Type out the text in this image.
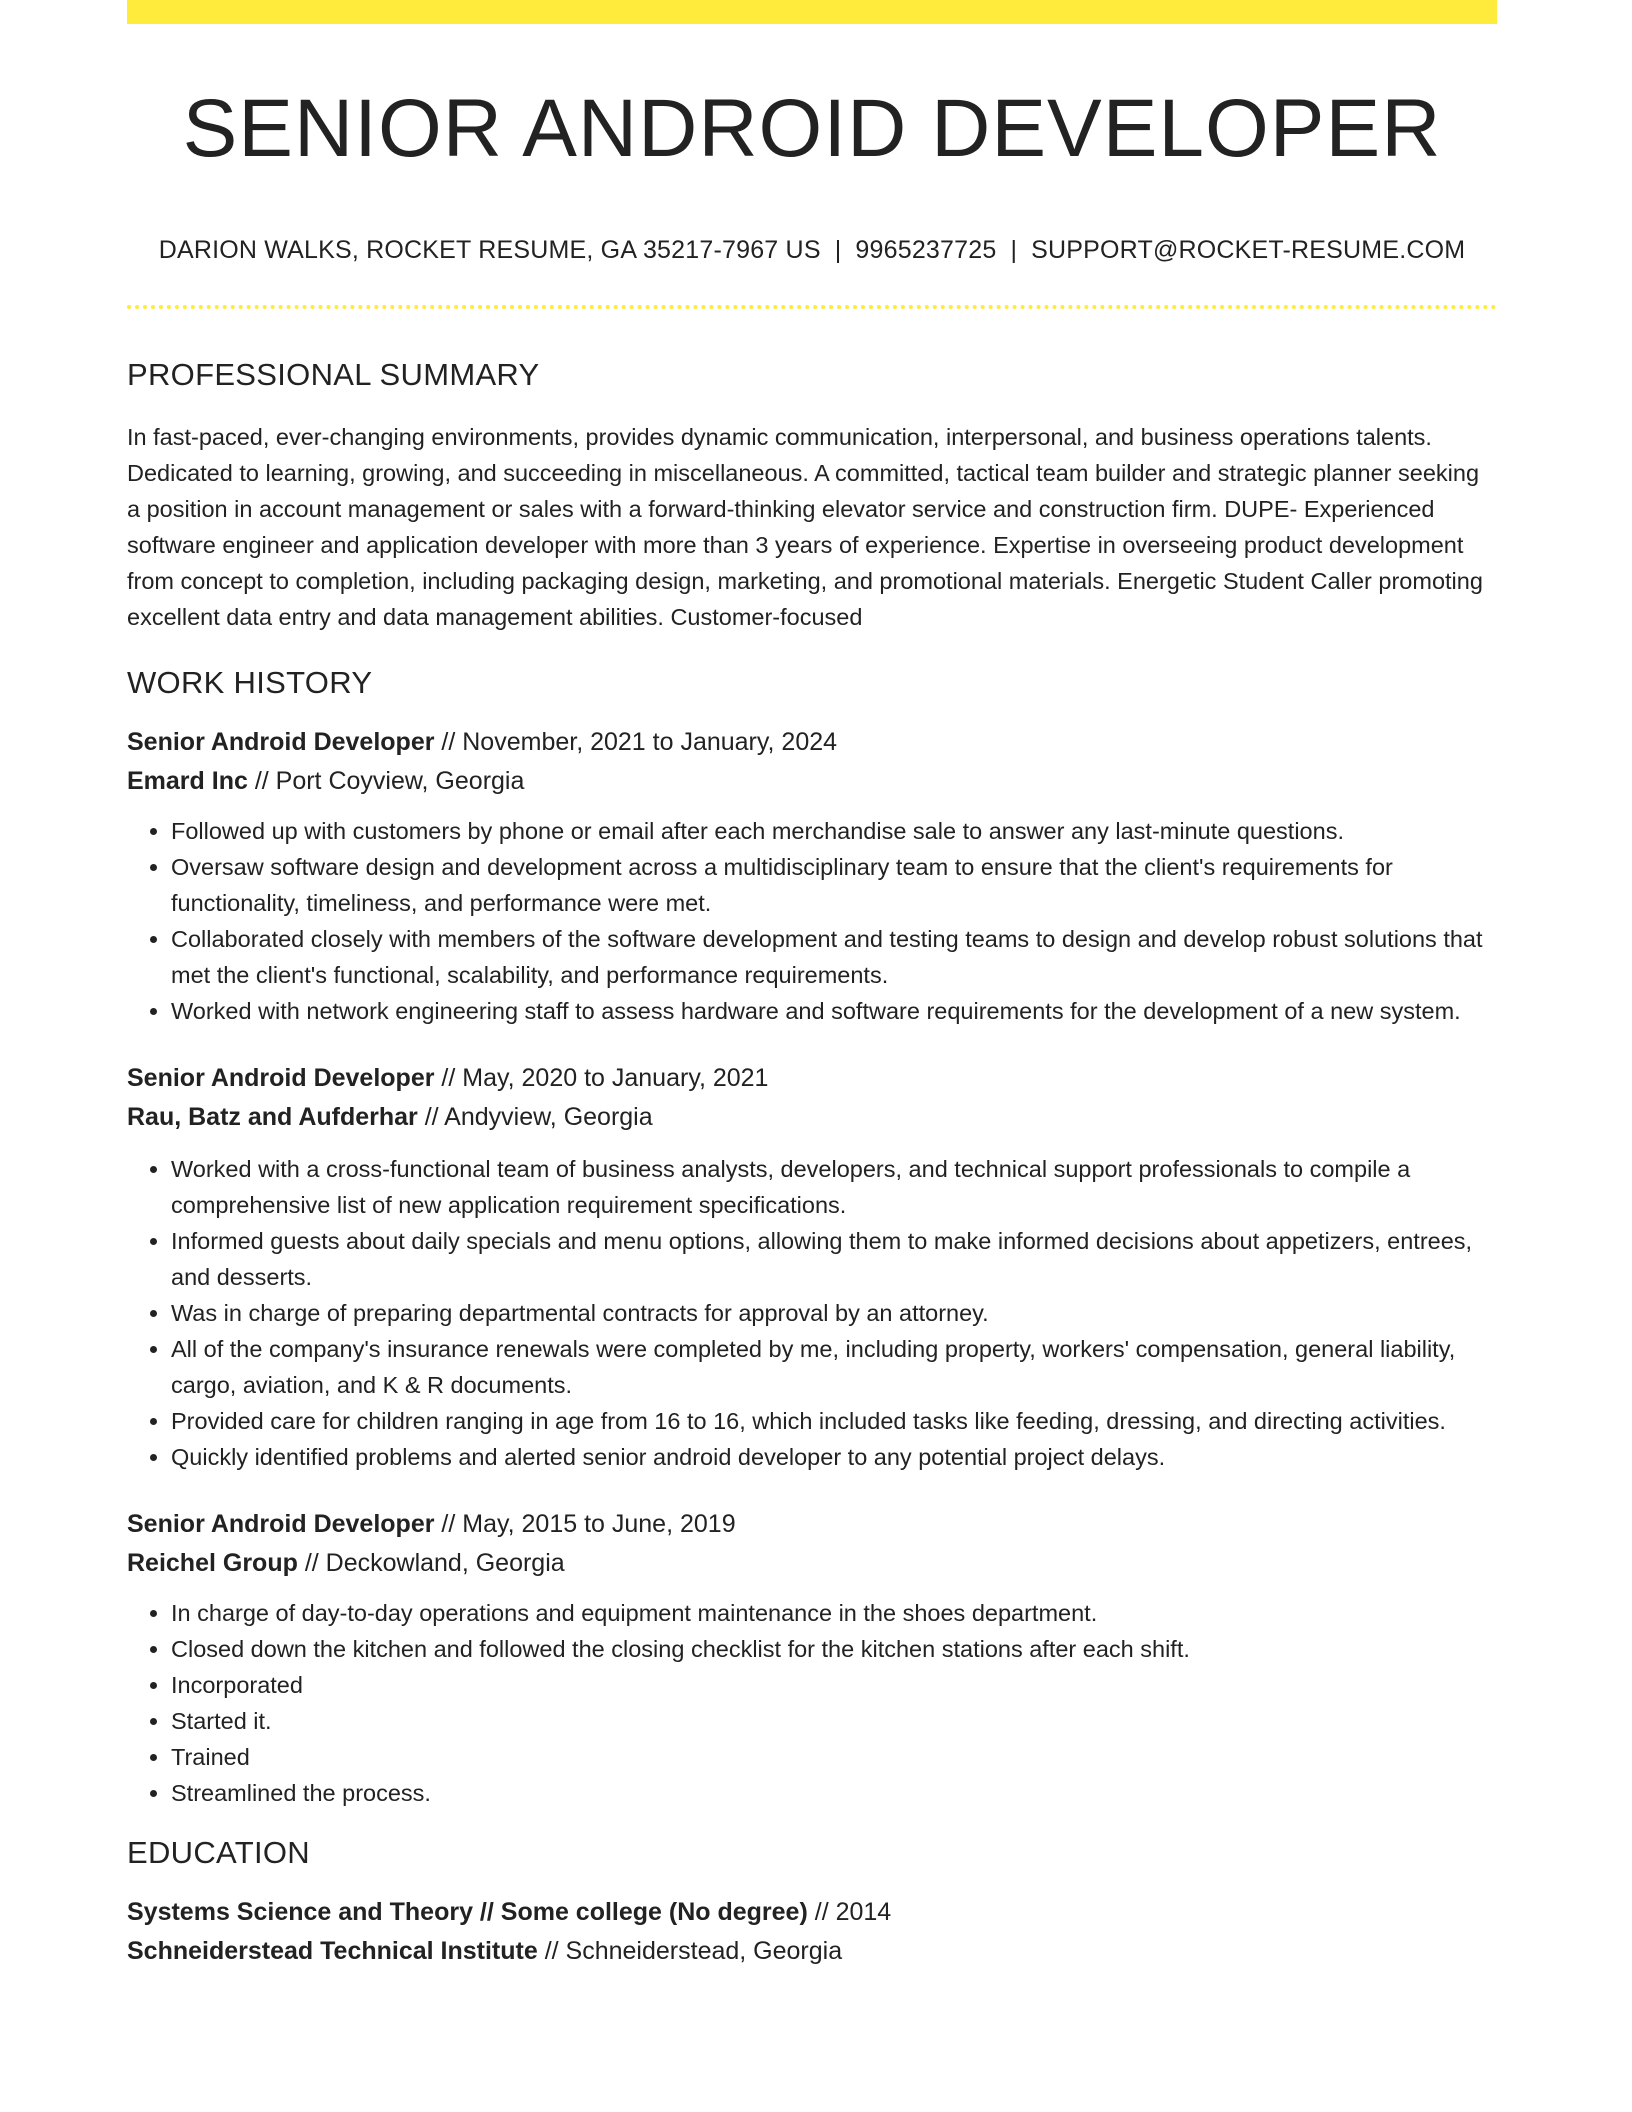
SENIOR ANDROID DEVELOPER
DARION WALKS, ROCKET RESUME, GA 35217-7967 US | 9965237725 | SUPPORT@ROCKET-RESUME.COM
PROFESSIONAL SUMMARY

In fast-paced, ever-changing environments, provides dynamic communication, interpersonal, and business operations talents. Dedicated to learning, growing, and succeeding in miscellaneous. A committed, tactical team builder and strategic planner seeking a position in account management or sales with a forward-thinking elevator service and construction firm. DUPE- Experienced software engineer and application developer with more than 3 years of experience. Expertise in overseeing product development from concept to completion, including packaging design, marketing, and promotional materials. Energetic Student Caller promoting excellent data entry and data management abilities. Customer-focused

WORK HISTORY
Senior Android Developer // November, 2021 to January, 2024
Emard Inc // Port Coyview, Georgia
• Followed up with customers by phone or email after each merchandise sale to answer any last-minute questions.
• Oversaw software design and development across a multidisciplinary team to ensure that the client's requirements for functionality, timeliness, and performance were met.
• Collaborated closely with members of the software development and testing teams to design and develop robust solutions that met the client's functional, scalability, and performance requirements.
• Worked with network engineering staff to assess hardware and software requirements for the development of a new system.
Senior Android Developer // May, 2020 to January, 2021
Rau, Batz and Aufderhar // Andyview, Georgia
• Worked with a cross-functional team of business analysts, developers, and technical support professionals to compile a comprehensive list of new application requirement specifications.
• Informed guests about daily specials and menu options, allowing them to make informed decisions about appetizers, entrees, and desserts.
• Was in charge of preparing departmental contracts for approval by an attorney.
• All of the company's insurance renewals were completed by me, including property, workers' compensation, general liability, cargo, aviation, and K & R documents.
• Provided care for children ranging in age from 16 to 16, which included tasks like feeding, dressing, and directing activities.
• Quickly identified problems and alerted senior android developer to any potential project delays.
Senior Android Developer // May, 2015 to June, 2019
Reichel Group // Deckowland, Georgia
• In charge of day-to-day operations and equipment maintenance in the shoes department.
• Closed down the kitchen and followed the closing checklist for the kitchen stations after each shift.
• Incorporated
• Started it.
• Trained
• Streamlined the process.
EDUCATION
Systems Science and Theory // Some college (No degree) // 2014
Schneiderstead Technical Institute // Schneiderstead, Georgia
